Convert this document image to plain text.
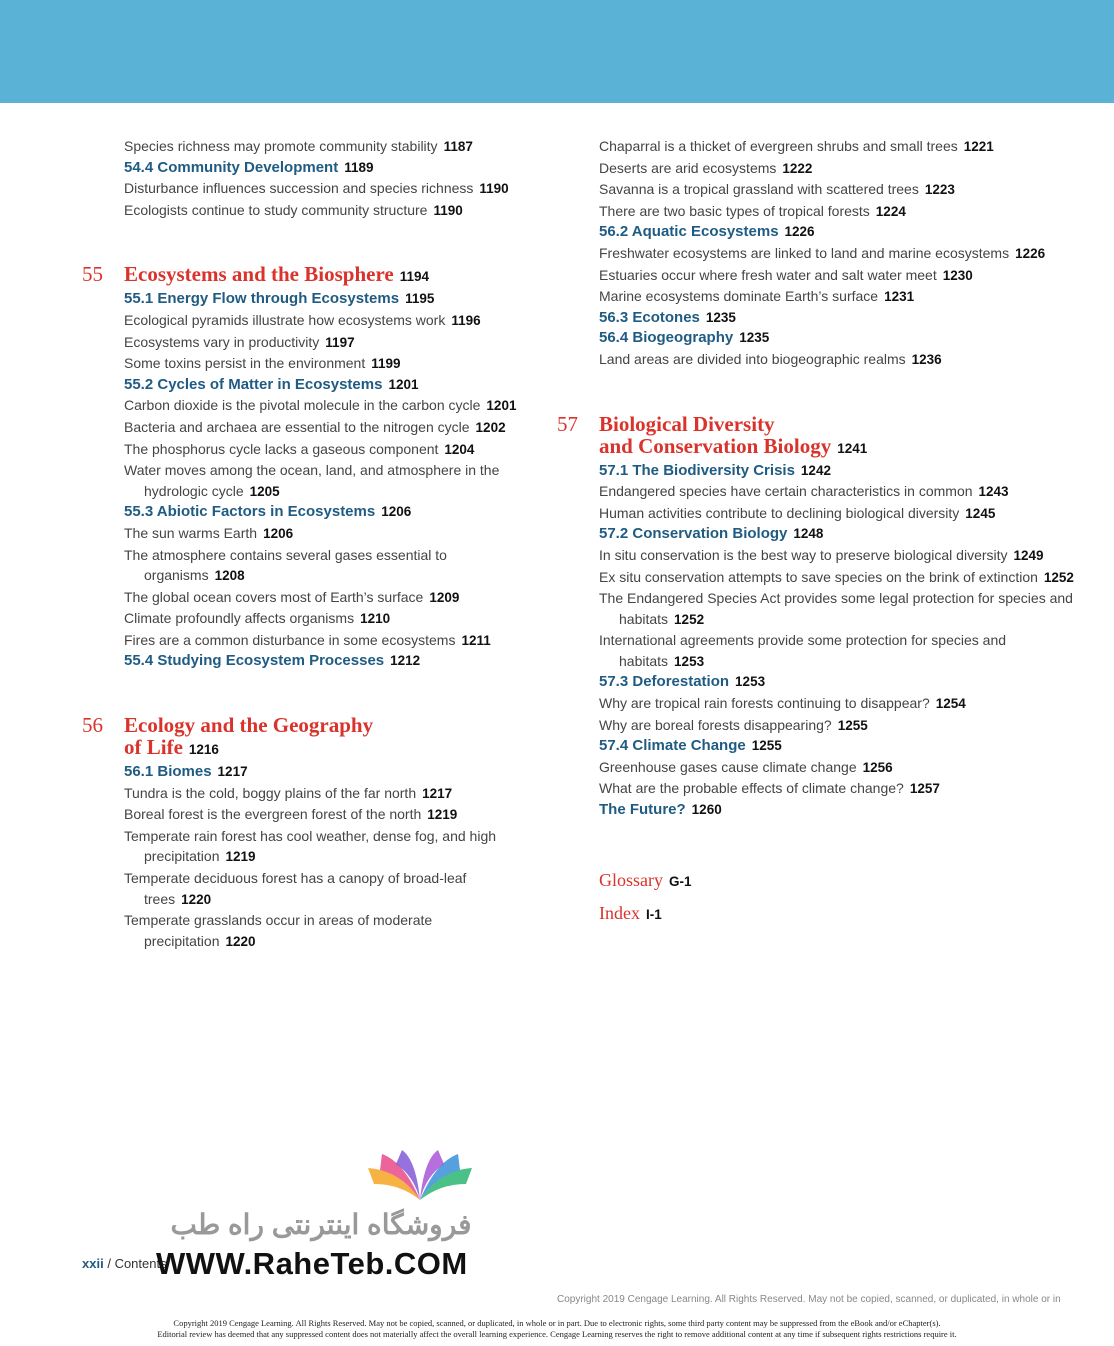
Species richness may promote community stability 1187
54.4 Community Development 1189
Disturbance influences succession and species richness 1190
Ecologists continue to study community structure 1190
55	Ecosystems and the Biosphere 1194
55.1 Energy Flow through Ecosystems 1195
Ecological pyramids illustrate how ecosystems work 1196
Ecosystems vary in productivity 1197
Some toxins persist in the environment 1199
55.2 Cycles of Matter in Ecosystems 1201
Carbon dioxide is the pivotal molecule in the carbon cycle 1201
Bacteria and archaea are essential to the nitrogen cycle 1202
The phosphorus cycle lacks a gaseous component 1204
Water moves among the ocean, land, and atmosphere in the hydrologic cycle 1205
55.3 Abiotic Factors in Ecosystems 1206
The sun warms Earth 1206
The atmosphere contains several gases essential to organisms 1208
The global ocean covers most of Earth’s surface 1209
Climate profoundly affects organisms 1210
Fires are a common disturbance in some ecosystems 1211
55.4 Studying Ecosystem Processes 1212
56 Ecology and the Geography
of Life 1216
56.1 Biomes 1217
Tundra is the cold, boggy plains of the far north 1217
Boreal forest is the evergreen forest of the north 1219
Temperate rain forest has cool weather, dense fog, and high precipitation 1219
Temperate deciduous forest has a canopy of broad-leaf trees 1220
Temperate grasslands occur in areas of moderate precipitation 1220
Chaparral is a thicket of evergreen shrubs and small trees 1221
Deserts are arid ecosystems 1222
Savanna is a tropical grassland with scattered trees 1223
There are two basic types of tropical forests 1224
56.2 Aquatic Ecosystems 1226
Freshwater ecosystems are linked to land and marine ecosystems 1226
Estuaries occur where fresh water and salt water meet 1230
Marine ecosystems dominate Earth’s surface 1231
56.3 Ecotones 1235
56.4 Biogeography 1235
Land areas are divided into biogeographic realms 1236
57 Biological Diversity
and Conservation Biology 1241
57.1 The Biodiversity Crisis 1242
Endangered species have certain characteristics in common 1243
Human activities contribute to declining biological diversity 1245
57.2 Conservation Biology 1248
In situ conservation is the best way to preserve biological diversity 1249
Ex situ conservation attempts to save species on the brink of extinction 1252
The Endangered Species Act provides some legal protection for species and habitats 1252
International agreements provide some protection for species and habitats 1253
57.3 Deforestation 1253
Why are tropical rain forests continuing to disappear? 1254
Why are boreal forests disappearing? 1255
57.4 Climate Change 1255
Greenhouse gases cause climate change 1256
What are the probable effects of climate change? 1257
The Future? 1260
Glossary G-1
Index I-1
xxii / Contents
فروشگاه اینترنتی راه طب
WWW.RaheTeb.COM
Copyright 2019 Cengage Learning. All Rights Reserved. May not be copied, scanned, or duplicated, in whole or in
Copyright 2019 Cengage Learning. All Rights Reserved. May not be copied, scanned, or duplicated, in whole or in part. Due to electronic rights, some third party content may be suppressed from the eBook and/or eChapter(s).
Editorial review has deemed that any suppressed content does not materially affect the overall learning experience. Cengage Learning reserves the right to remove additional content at any time if subsequent rights restrictions require it.
